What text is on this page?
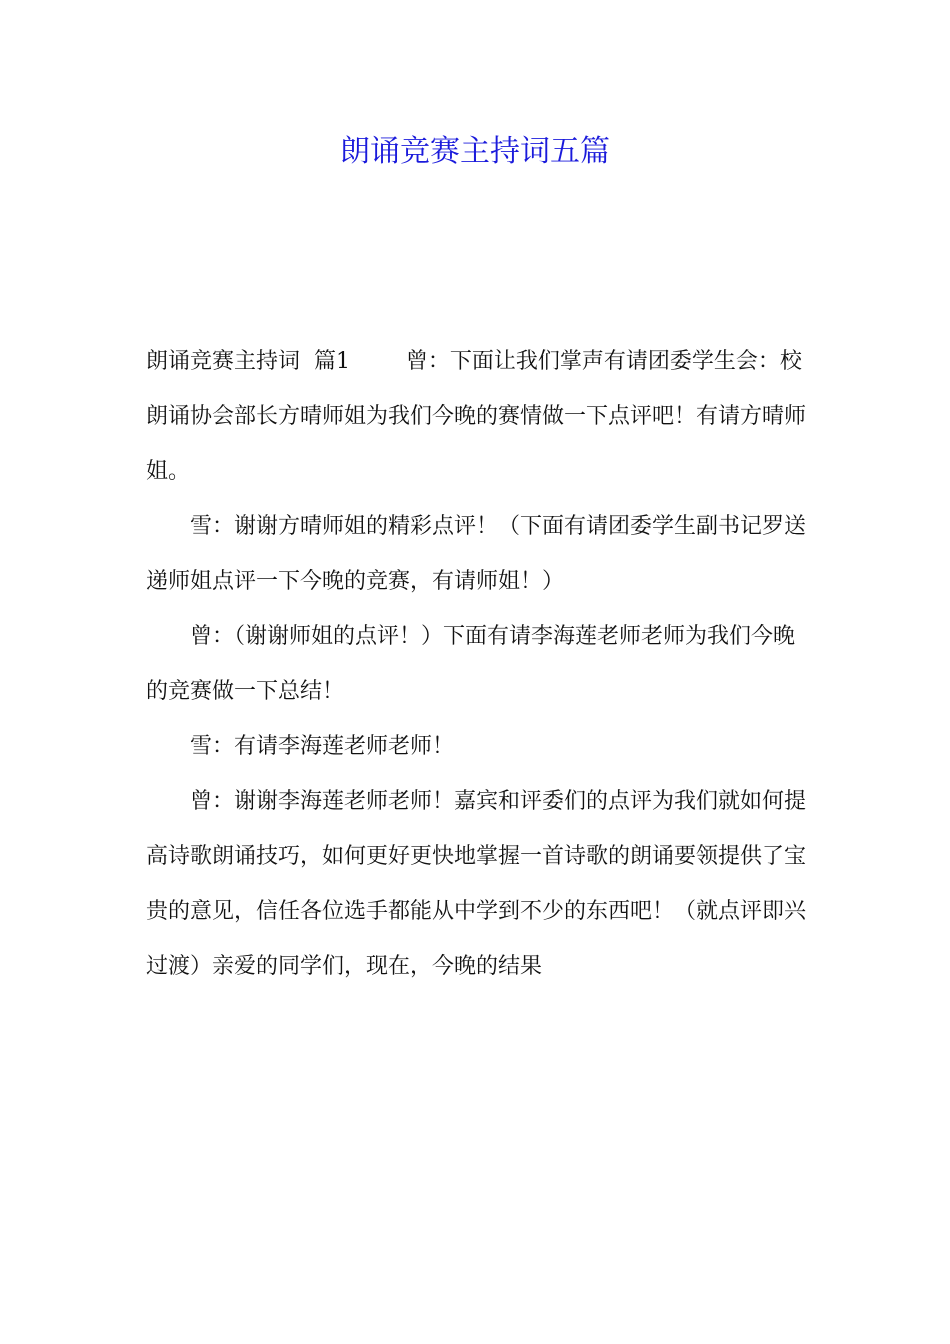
朗诵竞赛主持词五篇

朗诵竞赛主持词  篇1        曾：下面让我们掌声有请团委学生会：校朗诵协会部长方晴师姐为我们今晚的赛情做一下点评吧！有请方晴师姐。

雪：谢谢方晴师姐的精彩点评！（下面有请团委学生副书记罗送递师姐点评一下今晚的竞赛，有请师姐！）

曾：（谢谢师姐的点评！）下面有请李海莲老师老师为我们今晚的竞赛做一下总结！

雪：有请李海莲老师老师！

曾：谢谢李海莲老师老师！嘉宾和评委们的点评为我们就如何提高诗歌朗诵技巧，如何更好更快地掌握一首诗歌的朗诵要领提供了宝贵的意见，信任各位选手都能从中学到不少的东西吧！（就点评即兴过渡）亲爱的同学们，现在，今晚的结果
